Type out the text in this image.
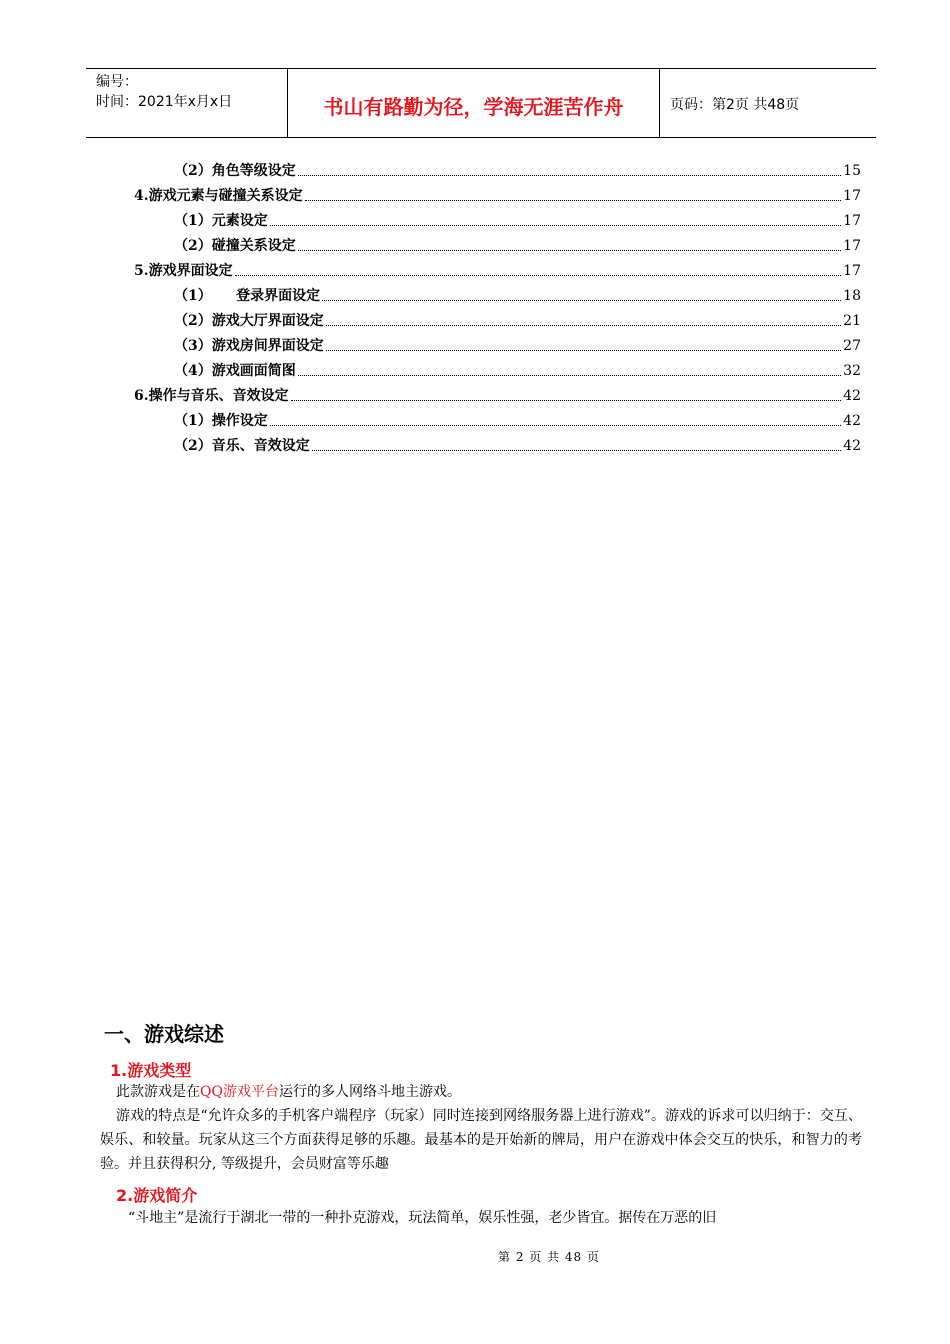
编号：
时间：2021年x月x日	书山有路勤为径，学海无涯苦作舟	页码：第2页 共48页
（2）角色等级设定	15
4.游戏元素与碰撞关系设定	17
（1）元素设定	17
（2）碰撞关系设定	17
5.游戏界面设定	17
（1）     登录界面设定	18
（2）游戏大厅界面设定	21
（3）游戏房间界面设定	27
（4）游戏画面简图	32
6.操作与音乐、音效设定	42
（1）操作设定	42
（2）音乐、音效设定	42
一、游戏综述
1.游戏类型
此款游戏是在QQ游戏平台运行的多人网络斗地主游戏。
游戏的特点是“允许众多的手机客户端程序（玩家）同时连接到网络服务器上进行游戏”。游戏的诉求可以归纳于：交互、娱乐、和较量。玩家从这三个方面获得足够的乐趣。最基本的是开始新的牌局，用户在游戏中体会交互的快乐，和智力的考验。并且获得积分, 等级提升，会员财富等乐趣
2.游戏简介
“斗地主”是流行于湖北一带的一种扑克游戏，玩法简单，娱乐性强，老少皆宜。据传在万恶的旧
第 2 页 共 48 页
